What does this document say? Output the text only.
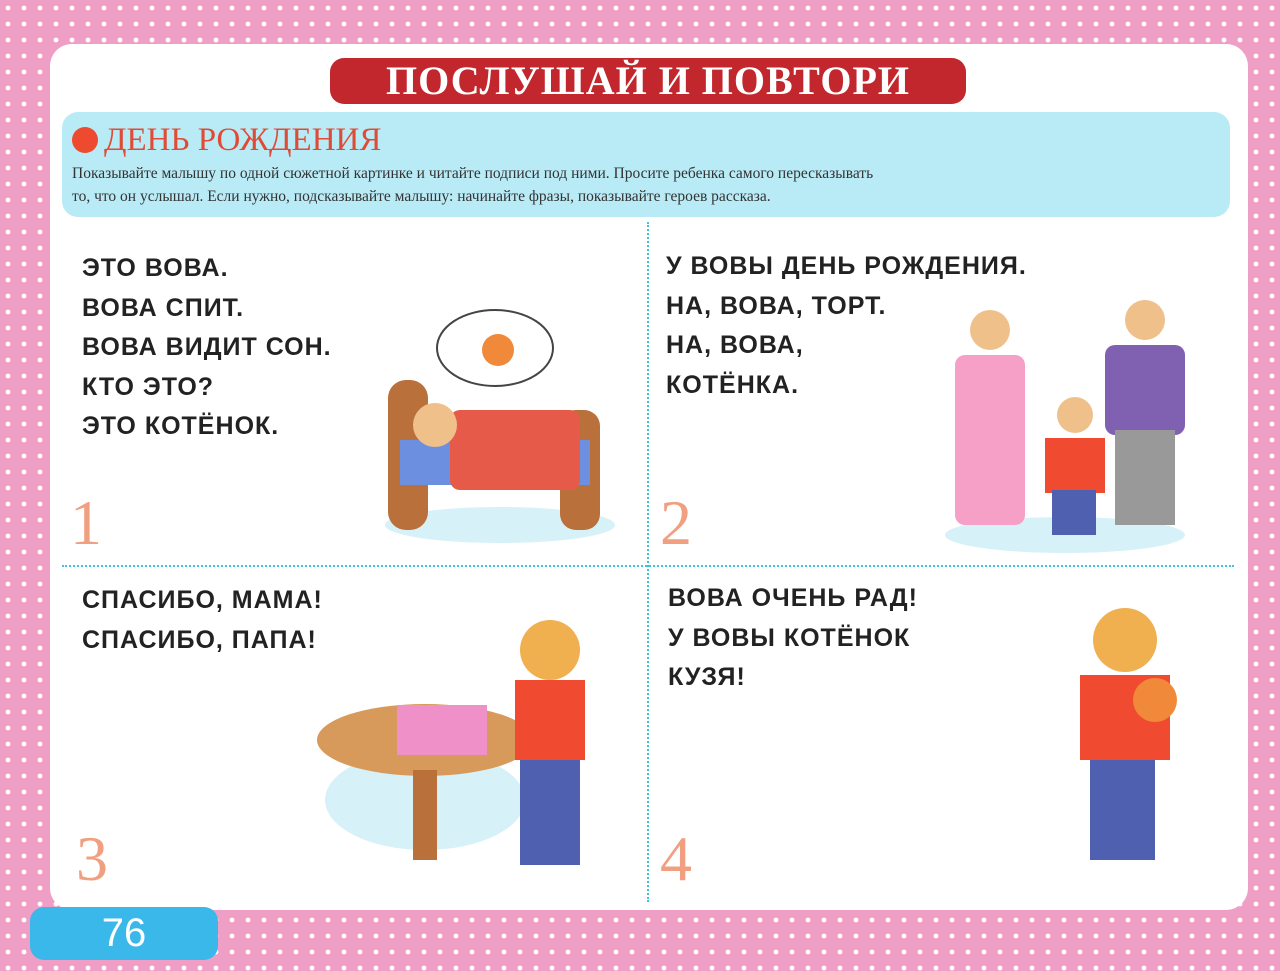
ПОСЛУШАЙ И ПОВТОРИ
ДЕНЬ РОЖДЕНИЯ

Показывайте малышу по одной сюжетной картинке и читайте подписи под ними. Просите ребенка самого пересказывать
то, что он услышал. Если нужно, подсказывайте малышу: начинайте фразы, показывайте героев рассказа.

ЭТО ВОВА.
ВОВА СПИТ.
ВОВА ВИДИТ СОН.
КТО ЭТО?
ЭТО КОТЁНОК.
У ВОВЫ ДЕНЬ РОЖДЕНИЯ.
НА, ВОВА, ТОРТ.
НА, ВОВА,
КОТЁНКА.
СПАСИБО, МАМА!
СПАСИБО, ПАПА!
ВОВА ОЧЕНЬ РАД!
У ВОВЫ КОТЁНОК
КУЗЯ!
1	2
3	4
76
